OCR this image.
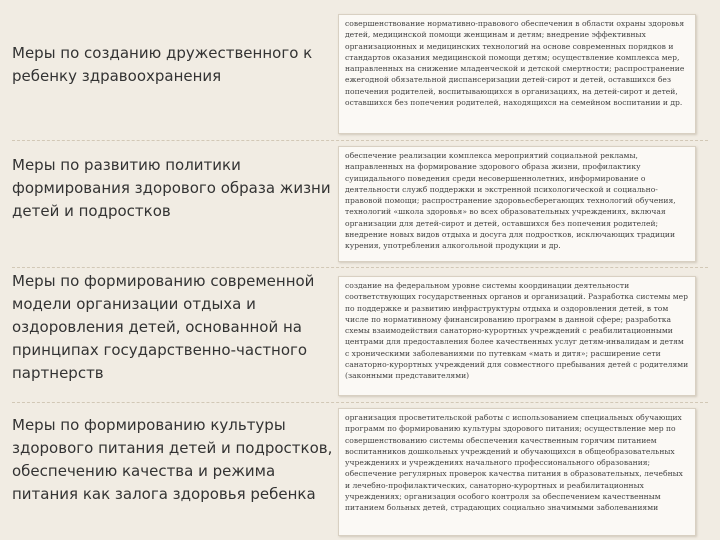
Меры по созданию дружественного к ребенку здравоохранения
совершенствование нормативно-правового обеспечения в области охраны здоровья детей, медицинской помощи женщинам и детям; внедрение эффективных организационных и медицинских технологий на основе современных порядков и стандартов оказания медицинской помощи детям; осуществление комплекса мер, направленных на снижение младенческой и детской смертности; распространение ежегодной обязательной диспансеризации детей-сирот и детей, оставшихся без попечения родителей, воспитывающихся в организациях, на детей-сирот и детей, оставшихся без попечения родителей, находящихся на семейном воспитании и др.
Меры по развитию политики формирования здорового образа жизни детей и подростков
обеспечение реализации комплекса мероприятий социальной рекламы, направленных на формирование здорового образа жизни, профилактику суицидального поведения среди несовершеннолетних, информирование о деятельности служб поддержки и экстренной психологической и социально-правовой помощи; распространение здоровьесберегающих технологий обучения, технологий «школа здоровья» во всех образовательных учреждениях, включая организации для детей-сирот и детей, оставшихся без попечения родителей; внедрение новых видов отдыха и досуга для подростков, исключающих традиции курения, употребления алкогольной продукции и др.
Меры по формированию современной модели организации отдыха и оздоровления детей, основанной на принципах государственно-частного партнерств
создание на федеральном уровне системы координации деятельности соответствующих государственных органов и организаций. Разработка системы мер по поддержке и развитию инфраструктуры отдыха и оздоровления детей, в том числе по нормативному финансированию программ в данной сфере; разработка схемы взаимодействия санаторно-курортных учреждений с реабилитационными центрами для предоставления более качественных услуг детям-инвалидам и детям с хроническими заболеваниями по путевкам «мать и дитя»; расширение сети санаторно-курортных учреждений для совместного пребывания детей с родителями (законными представителями)
Меры по формированию культуры здорового питания детей и подростков, обеспечению качества и режима питания как залога здоровья ребенка
организация просветительской работы с использованием специальных обучающих программ по формированию культуры здорового питания; осуществление мер по совершенствованию системы обеспечения качественным горячим питанием воспитанников дошкольных учреждений и обучающихся в общеобразовательных учреждениях и учреждениях начального профессионального образования; обеспечение регулярных проверок качества питания в образовательных, лечебных и лечебно-профилактических, санаторно-курортных и реабилитационных учреждениях; организация особого контроля за обеспечением качественным питанием больных детей, страдающих социально значимыми заболеваниями
